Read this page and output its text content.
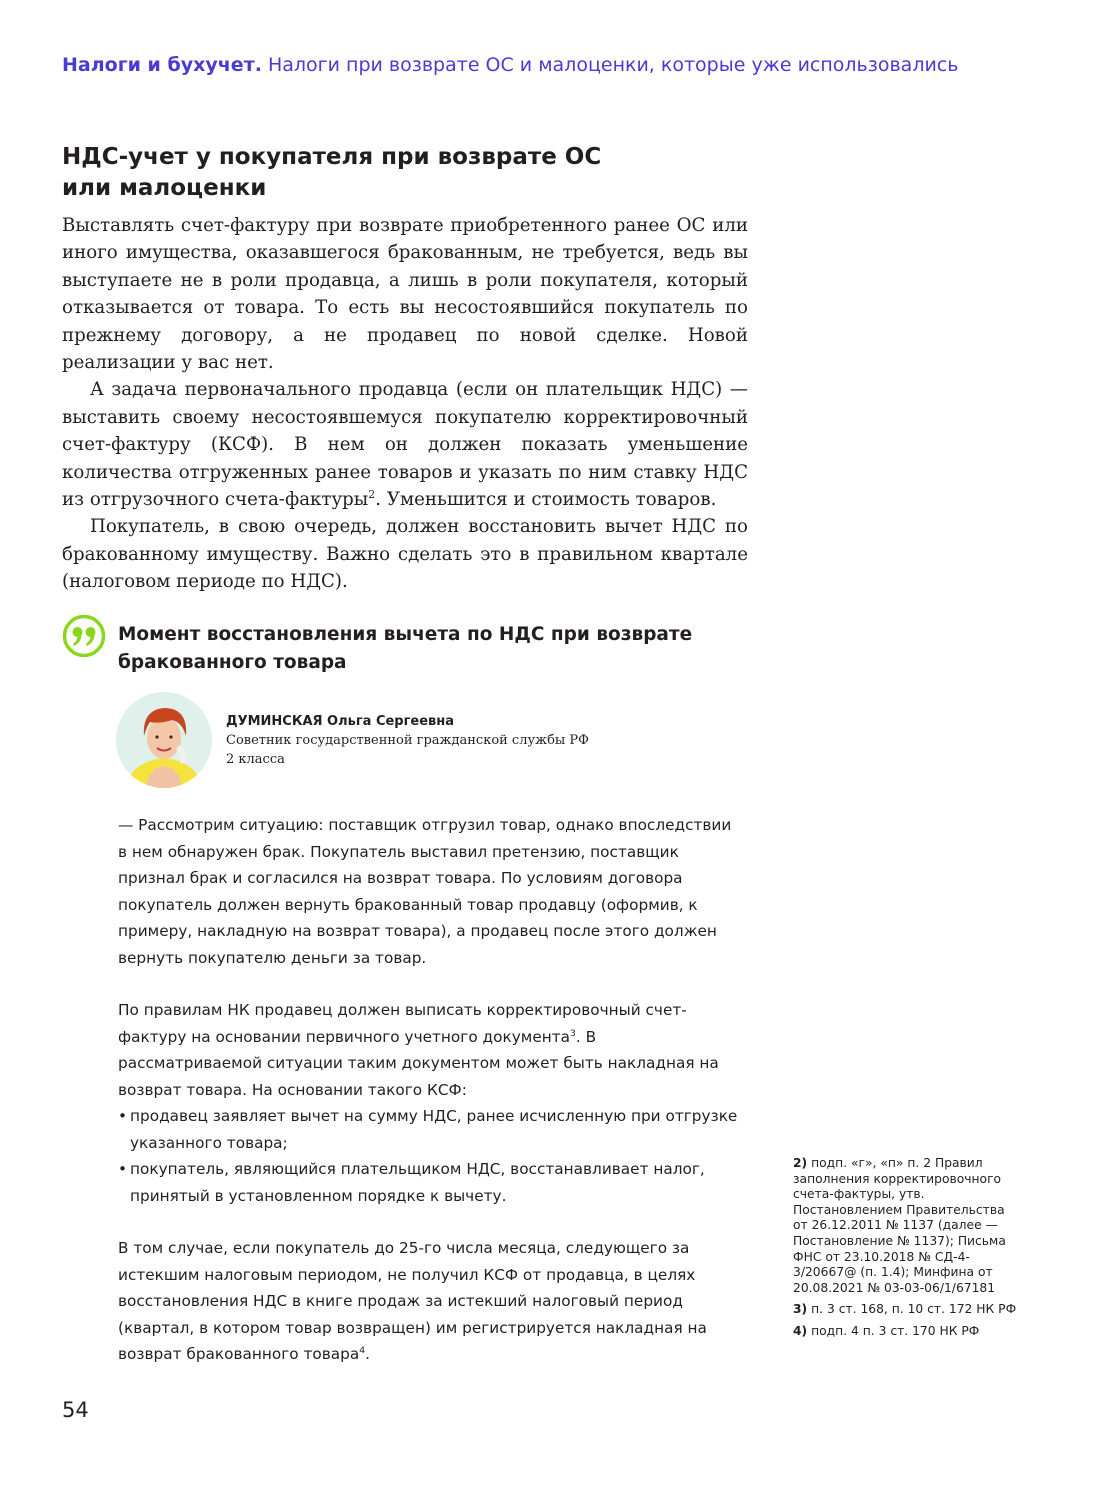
Налоги и бухучет. Налоги при возврате ОС и малоценки, которые уже использовались
НДС-учет у покупателя при возврате ОС
или малоценки

Выставлять счет-фактуру при возврате приобретенного ранее ОС или иного имущества, оказавшегося бракованным, не требуется, ведь вы выступаете не в роли продавца, а лишь в роли покупателя, который отказывается от товара. То есть вы несостоявшийся покупатель по прежнему договору, а не продавец по новой сделке. Новой реализации у вас нет.

А задача первоначального продавца (если он плательщик НДС) — выставить своему несостоявшемуся покупателю корректировочный счет-фактуру (КСФ). В нем он должен показать уменьшение количества отгруженных ранее товаров и указать по ним ставку НДС из отгрузочного счета-фактуры$^2$. Уменьшится и стоимость товаров.

Покупатель, в свою очередь, должен восстановить вычет НДС по бракованному имуществу. Важно сделать это в правильном квартале (налоговом периоде по НДС).

Момент восстановления вычета по НДС при возврате
бракованного товара
ДУМИНСКАЯ Ольга Сергеевна
Советник государственной гражданской службы РФ
2 класса

— Рассмотрим ситуацию: поставщик отгрузил товар, однако впоследствии в нем обнаружен брак. Покупатель выставил претензию, поставщик признал брак и согласился на возврат товара. По условиям договора покупатель должен вернуть бракованный товар продавцу (оформив, к примеру, накладную на возврат товара), а продавец после этого должен вернуть покупателю деньги за товар.

По правилам НК продавец должен выписать корректировочный счет-фактуру на основании первичного учетного документа$^3$. В рассматриваемой ситуации таким документом может быть накладная на возврат товара. На основании такого КСФ:

• продавец заявляет вычет на сумму НДС, ранее исчисленную при отгрузке указанного товара;
• покупатель, являющийся плательщиком НДС, восстанавливает налог, принятый в установленном порядке к вычету.

В том случае, если покупатель до 25-го числа месяца, следующего за истекшим налоговым периодом, не получил КСФ от продавца, в целях восстановления НДС в книге продаж за истекший налоговый период (квартал, в котором товар возвращен) им регистрируется накладная на возврат бракованного товара$^4$.

2) подп. «г», «п» п. 2 Правил заполнения корректировочного счета-фактуры, утв. Постановлением Правительства от 26.12.2011 № 1137 (далее — Постановление № 1137); Письма ФНС от 23.10.2018 № СД-4-3/20667@ (п. 1.4); Минфина от 20.08.2021 № 03-03-06/1/67181

3) п. 3 ст. 168, п. 10 ст. 172 НК РФ

4) подп. 4 п. 3 ст. 170 НК РФ

54
